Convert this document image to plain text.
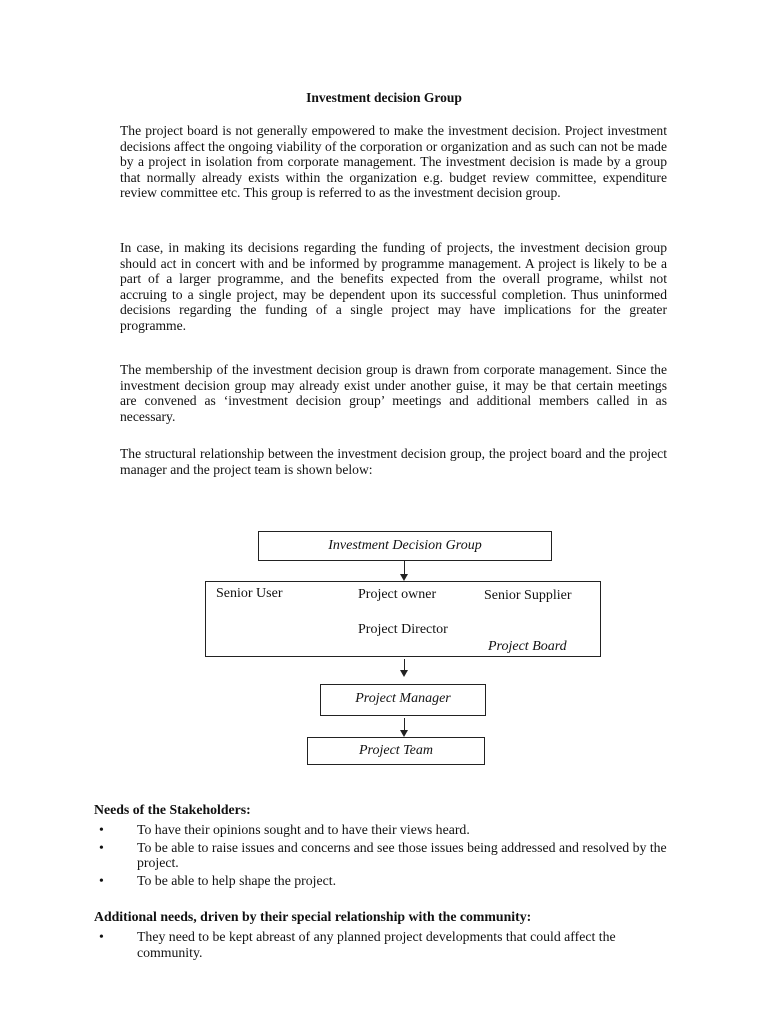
Investment decision Group

The project board is not generally empowered to make the investment decision. Project investment decisions affect the ongoing viability of the corporation or organization and as such can not be made by a project in isolation from corporate management. The investment decision is made by a group that normally already exists within the organization e.g. budget review committee, expenditure review committee etc. This group is referred to as the investment decision group.

In case, in making its decisions regarding the funding of projects, the investment decision group should act in concert with and be informed by programme management. A project is likely to be a part of a larger programme, and the benefits expected from the overall programe, whilst not accruing to a single project, may be dependent upon its successful completion. Thus uninformed decisions regarding the funding of a single project may have implications for the greater programme.

The membership of the investment decision group is drawn from corporate management. Since the investment decision group may already exist under another guise, it may be that certain meetings are convened as ‘investment decision group’ meetings and additional members called in as necessary.

The structural relationship between the investment decision group, the project board and the project manager and the project team is shown below:

Investment Decision Group
Senior User	Project owner	Senior Supplier
Project Director
Project Board
Project Manager
Project Team

Needs of the Stakeholders:

• To have their opinions sought and to have their views heard.
• To be able to raise issues and concerns and see those issues being addressed and resolved by the project.
• To be able to help shape the project.

Additional needs, driven by their special relationship with the community:

• They need to be kept abreast of any planned project developments that could affect the community.
